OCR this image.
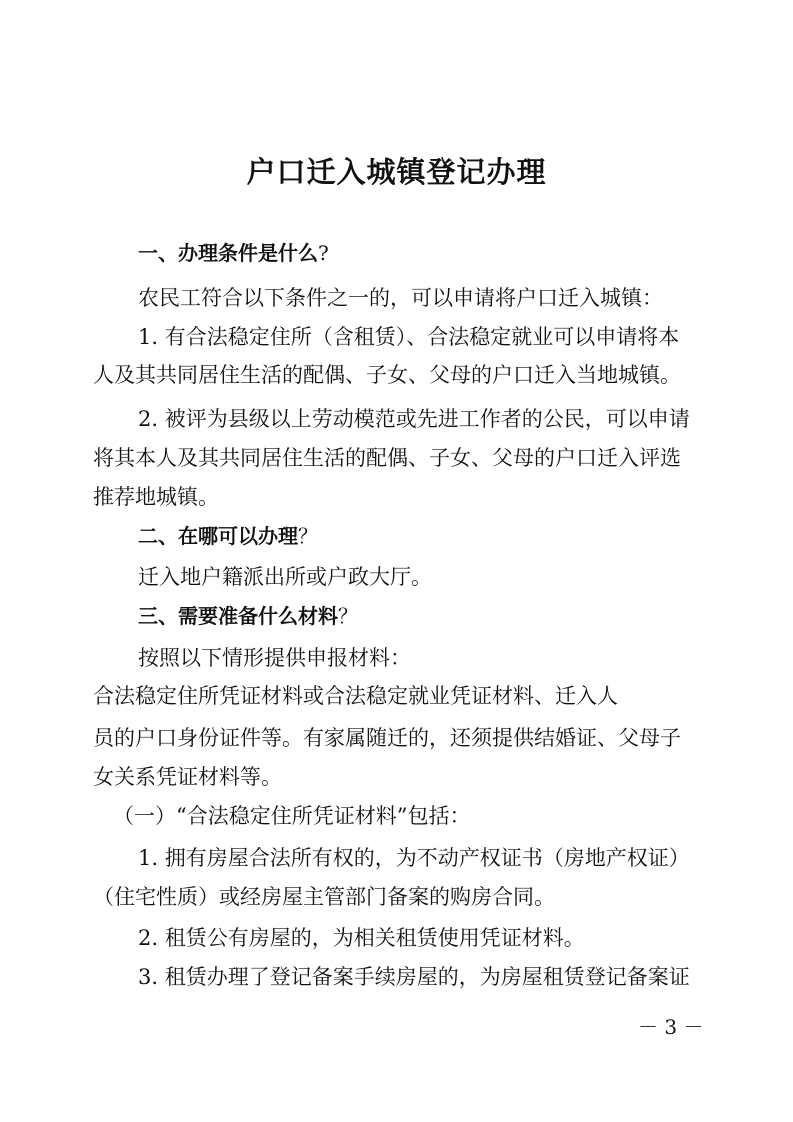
户口迁入城镇登记办理
一、办理条件是什么?
农民工符合以下条件之一的，可以申请将户口迁入城镇：
1. 有合法稳定住所（含租赁）、合法稳定就业可以申请将本
人及其共同居住生活的配偶、子女、父母的户口迁入当地城镇。
2. 被评为县级以上劳动模范或先进工作者的公民，可以申请
将其本人及其共同居住生活的配偶、子女、父母的户口迁入评选
推荐地城镇。
二、在哪可以办理？
迁入地户籍派出所或户政大厅。
三、需要准备什么材料？
按照以下情形提供申报材料：
合法稳定住所凭证材料或合法稳定就业凭证材料、迁入人
员的户口身份证件等。有家属随迁的，还须提供结婚证、父母子
女关系凭证材料等。
（一）“合法稳定住所凭证材料”包括：
1. 拥有房屋合法所有权的，为不动产权证书（房地产权证）
（住宅性质）或经房屋主管部门备案的购房合同。
2. 租赁公有房屋的，为相关租赁使用凭证材料。
3. 租赁办理了登记备案手续房屋的，为房屋租赁登记备案证
－ 3 －
